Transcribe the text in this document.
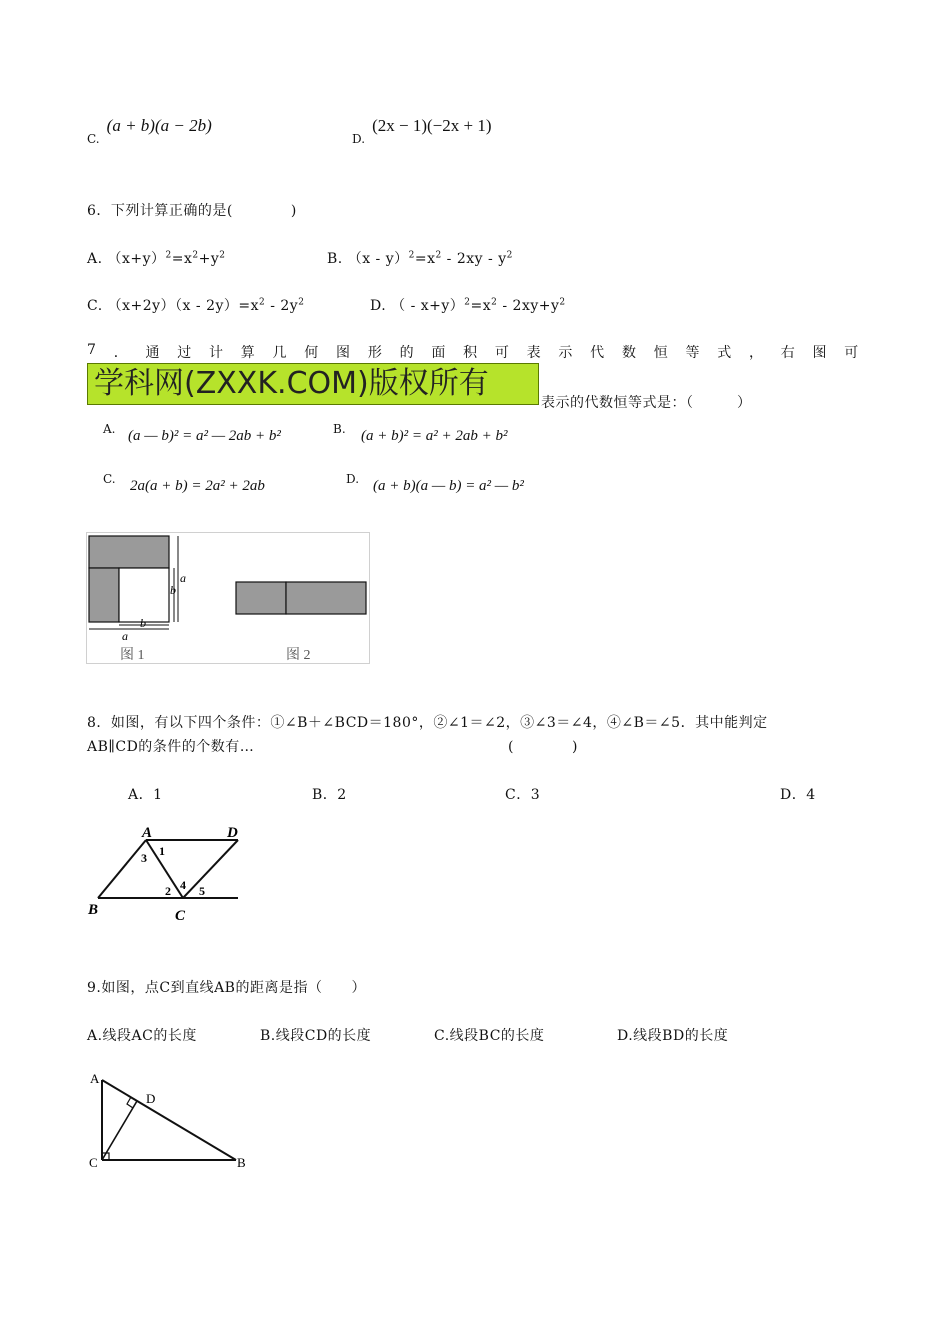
$_{C.}$ (a + b)(a − 2b)
$_{D.}$ (2x − 1)(−2x + 1)
6．下列计算正确的是(　　　　)
A. $(x+y)^2=x^2+y^2$	B. $(x - y)^2=x^2 - 2xy - y^2$
C. $(x+2y)(x - 2y)=x^2 - 2y^2$	D. （ - $x+y)^2=x^2 - 2xy+y^2$
7 ． 通 过 计 算 几 何 图 形 的 面 积 可 表 示 代 数 恒 等 式 ， 右 图 可
学科网(ZXXK.COM)版权所有
表示的代数恒等式是：（　　　）
A. (a — b)² = a² — 2ab + b²	B. (a + b)² = a² + 2ab + b²
C. 2a(a + b) = 2a² + 2ab	D. (a + b)(a — b) = a² — b²
a
b
b
a
图 1	图 2
8．如图，有以下四个条件：①∠B＋∠BCD＝180°，②∠1＝∠2，③∠3＝∠4，④∠B＝∠5．其中能判定
AB∥CD的条件的个数有…	(　　　　)
A．1	B．2	C．3	D．4
A	D
B	C
1
3
2 4 5
9.如图，点C到直线AB的距离是指（　　）
A.线段AC的长度	B.线段CD的长度	C.线段BC的长度	D.线段BD的长度
A
D
C	B
